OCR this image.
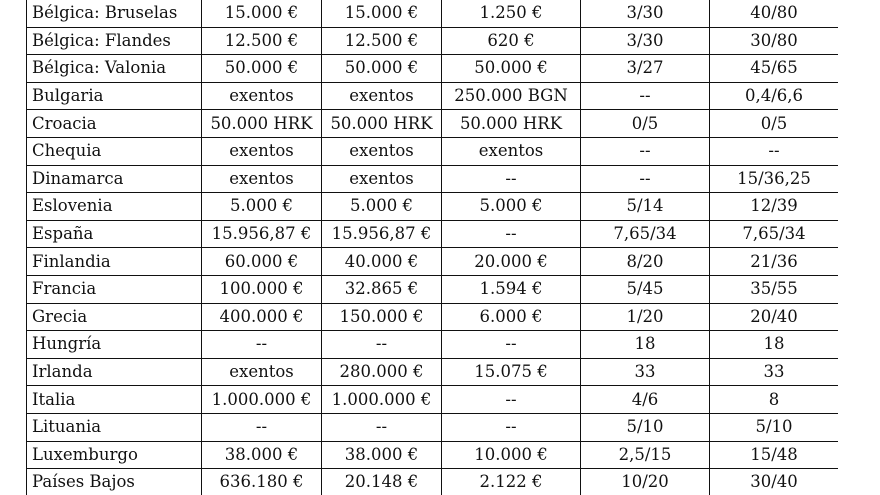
Bélgica: Bruselas	15.000 €	15.000 €	1.250 €	3/30	40/80
Bélgica: Flandes	12.500 €	12.500 €	620 €	3/30	30/80
Bélgica: Valonia	50.000 €	50.000 €	50.000 €	3/27	45/65
Bulgaria	exentos	exentos	250.000 BGN	--	0,4/6,6
Croacia	50.000 HRK	50.000 HRK	50.000 HRK	0/5	0/5
Chequia	exentos	exentos	exentos	--	--
Dinamarca	exentos	exentos	--	--	15/36,25
Eslovenia	5.000 €	5.000 €	5.000 €	5/14	12/39
España	15.956,87 €	15.956,87 €	--	7,65/34	7,65/34
Finlandia	60.000 €	40.000 €	20.000 €	8/20	21/36
Francia	100.000 €	32.865 €	1.594 €	5/45	35/55
Grecia	400.000 €	150.000 €	6.000 €	1/20	20/40
Hungría	--	--	--	18	18
Irlanda	exentos	280.000 €	15.075 €	33	33
Italia	1.000.000 €	1.000.000 €	--	4/6	8
Lituania	--	--	--	5/10	5/10
Luxemburgo	38.000 €	38.000 €	10.000 €	2,5/15	15/48
Países Bajos	636.180 €	20.148 €	2.122 €	10/20	30/40
